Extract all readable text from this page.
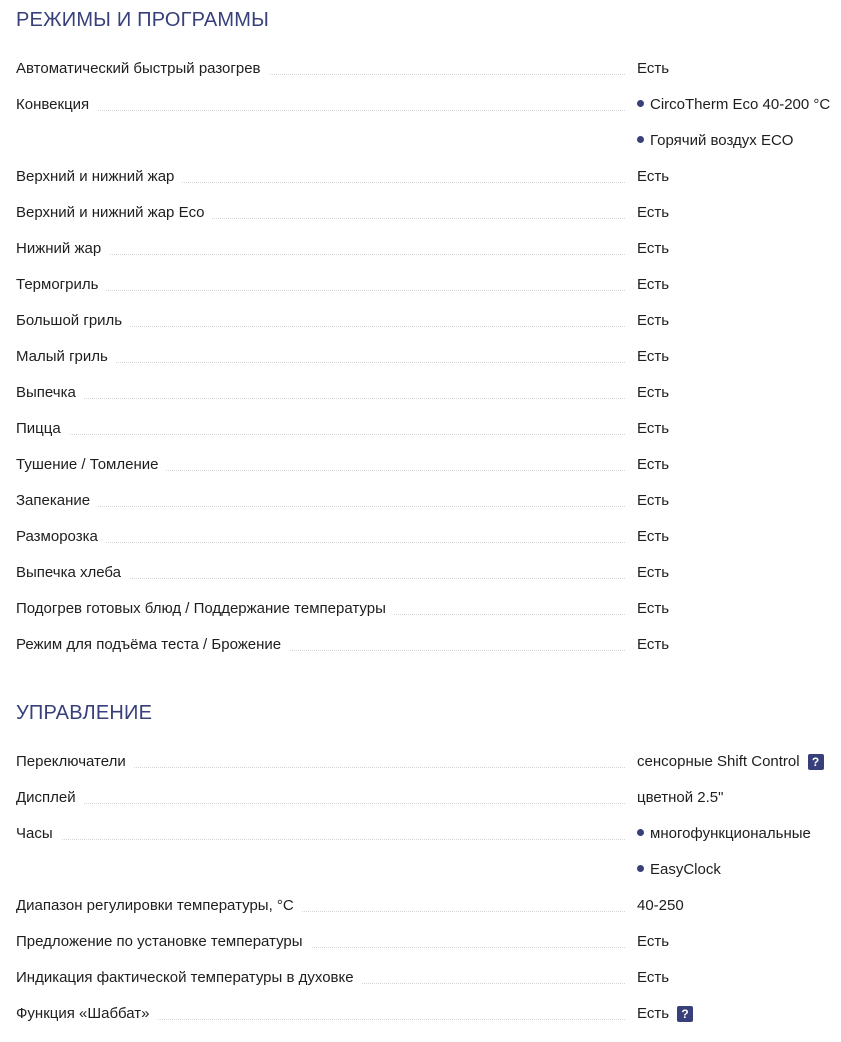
РЕЖИМЫ И ПРОГРАММЫ
Автоматический быстрый разогрев	Есть
Конвекция	CircoTherm Eco 40-200 °C
Горячий воздух ECO
Верхний и нижний жар	Есть
Верхний и нижний жар Eco	Есть
Нижний жар	Есть
Термогриль	Есть
Большой гриль	Есть
Малый гриль	Есть
Выпечка	Есть
Пицца	Есть
Тушение / Томление	Есть
Запекание	Есть
Разморозка	Есть
Выпечка хлеба	Есть
Подогрев готовых блюд / Поддержание температуры	Есть
Режим для подъёма теста / Брожение	Есть
УПРАВЛЕНИЕ
Переключатели	сенсорные Shift Control ?
Дисплей	цветной 2.5"
Часы	многофункциональные
EasyClock
Диапазон регулировки температуры, °C	40-250
Предложение по установке температуры	Есть
Индикация фактической температуры в духовке	Есть
Функция «Шаббат»	Есть ?
